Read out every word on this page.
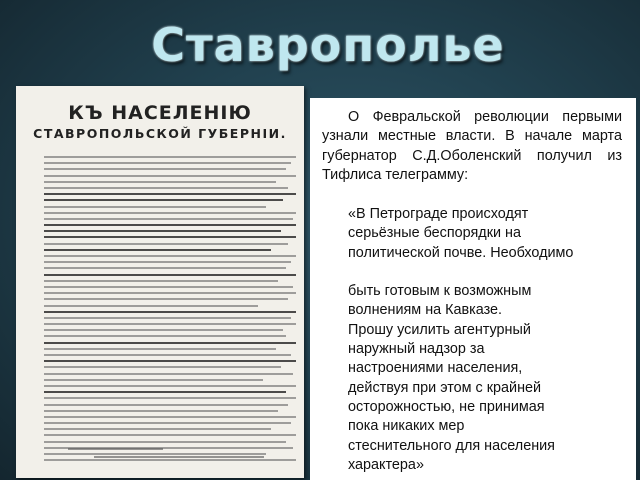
Ставрополье
КЪ НАСЕЛЕНІЮ
СТАВРОПОЛЬСКОЙ ГУБЕРНІИ.

О Февральской революции первыми узнали местные власти. В начале марта губернатор С.Д.Оболенский получил из Тифлиса телеграмму:

«В Петрограде происходят
серьёзные беспорядки на
политической почве. Необходимо
быть готовым к возможным
волнениям на Кавказе.
Прошу усилить агентурный
наружный надзор за
настроениями населения,
действуя при этом с крайней
осторожностью, не принимая
пока никаких мер
стеснительного для населения
характера»
